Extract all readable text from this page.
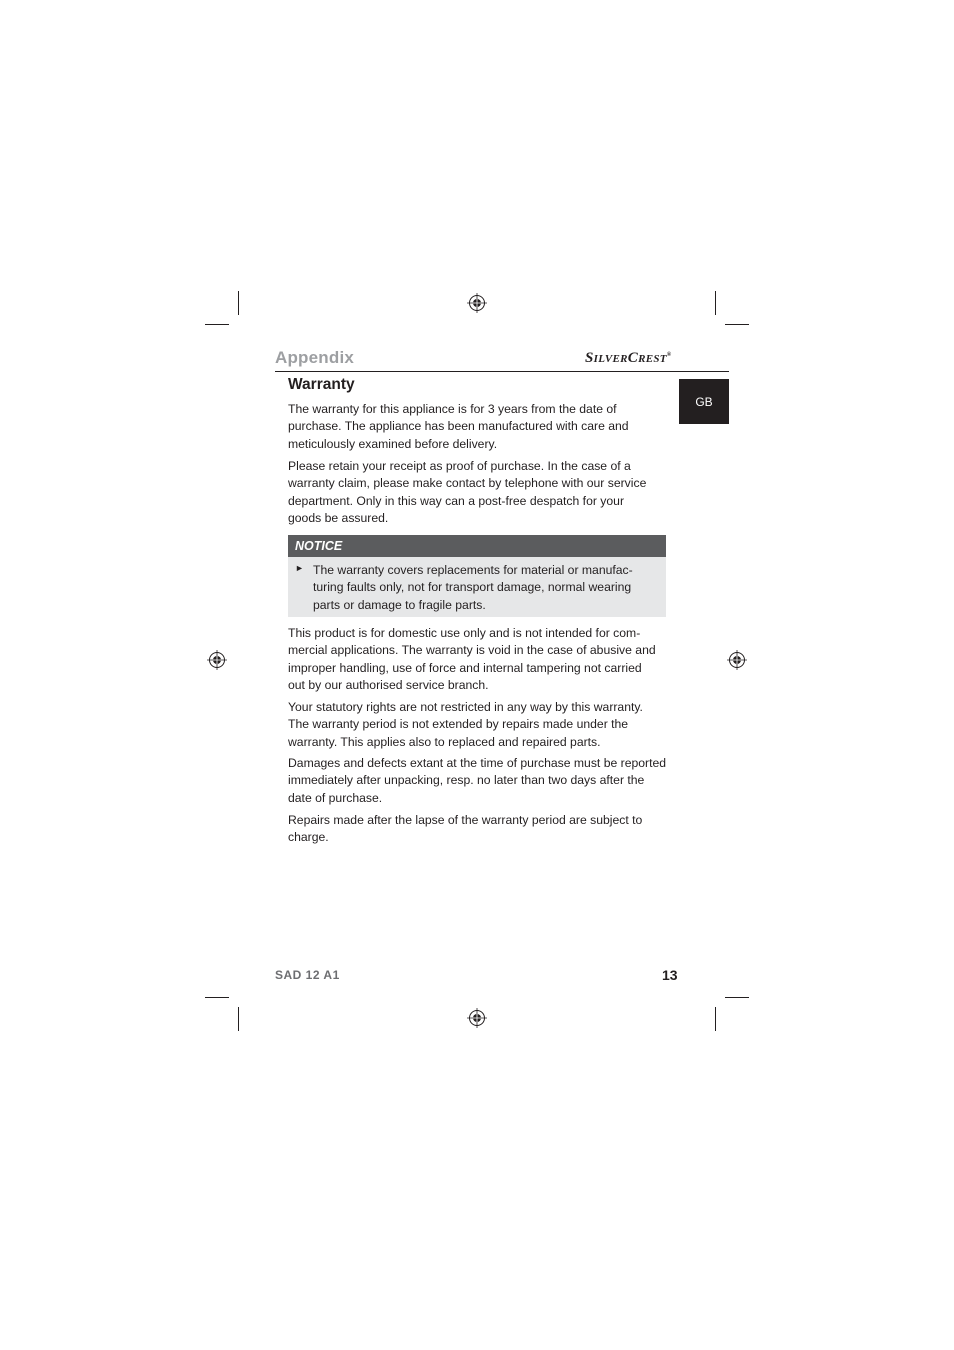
Appendix	SILVERCREST®
GB
Warranty
The warranty for this appliance is for 3 years from the date of
purchase. The appliance has been manufactured with care and
meticulously examined before delivery.
Please retain your receipt as proof of purchase. In the case of a
warranty claim, please make contact by telephone with our service
department. Only in this way can a post-free despatch for your
goods be assured.
NOTICE
► The warranty covers replacements for material or manufac-
turing faults only, not for transport damage, normal wearing
parts or damage to fragile parts.
This product is for domestic use only and is not intended for com-
mercial applications. The warranty is void in the case of abusive and
improper handling, use of force and internal tampering not carried
out by our authorised service branch.
Your statutory rights are not restricted in any way by this warranty.
The warranty period is not extended by repairs made under the
warranty. This applies also to replaced and repaired parts.
Damages and defects extant at the time of purchase must be reported
immediately after unpacking, resp. no later than two days after the
date of purchase.
Repairs made after the lapse of the warranty period are subject to
charge.
SAD 12 A1	13
